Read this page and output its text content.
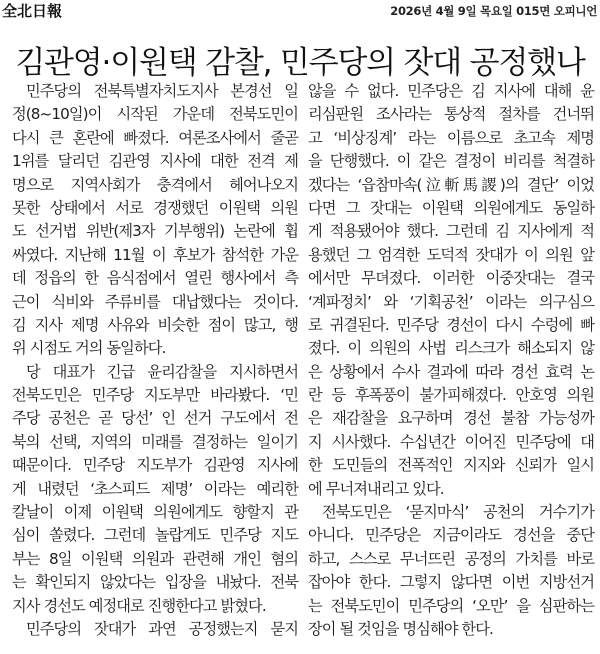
全北日報	2026년 4월 9일 목요일 015면 오피니언
김관영·이원택 감찰, 민주당의 잣대 공정했나
민주당의 전북특별자치도지사 본경선 일
정(8~10일)이 시작된 가운데 전북도민이
다시 큰 혼란에 빠졌다. 여론조사에서 줄곧
1위를 달리던 김관영 지사에 대한 전격 제
명으로 지역사회가 충격에서 헤어나오지
못한 상태에서 서로 경쟁했던 이원택 의원
도 선거법 위반(제3자 기부행위) 논란에 휩
싸였다. 지난해 11월 이 후보가 참석한 가운
데 정읍의 한 음식점에서 열린 행사에서 측
근이 식비와 주류비를 대납했다는 것이다.
김 지사 제명 사유와 비슷한 점이 많고, 행
위 시점도 거의 동일하다.
당 대표가 긴급 윤리감찰을 지시하면서
전북도민은 민주당 지도부만 바라봤다. ‘민
주당 공천은 곧 당선’ 인 선거 구도에서 전
북의 선택, 지역의 미래를 결정하는 일이기
때문이다. 민주당 지도부가 김관영 지사에
게 내렸던 ‘초스피드 제명’ 이라는 예리한
칼날이 이제 이원택 의원에게도 향할지 관
심이 쏠렸다. 그런데 놀랍게도 민주당 지도
부는 8일 이원택 의원과 관련해 개인 혐의
는 확인되지 않았다는 입장을 내놨다. 전북
지사 경선도 예정대로 진행한다고 밝혔다.
민주당의 잣대가 과연 공정했는지 묻지
않을 수 없다. 민주당은 김 지사에 대해 윤
리심판원 조사라는 통상적 절차를 건너뛰
고 ‘비상징계’ 라는 이름으로 초고속 제명
을 단행했다. 이 같은 결정이 비리를 척결하
겠다는 ‘읍참마속(泣斬馬謖)의 결단’ 이었
다면 그 잣대는 이원택 의원에게도 동일하
게 적용됐어야 했다. 그런데 김 지사에게 적
용했던 그 엄격한 도덕적 잣대가 이 의원 앞
에서만 무뎌졌다. 이러한 이중잣대는 결국
‘계파정치’ 와 ‘기획공천’ 이라는 의구심으
로 귀결된다. 민주당 경선이 다시 수렁에 빠
졌다. 이 의원의 사법 리스크가 해소되지 않
은 상황에서 수사 결과에 따라 경선 효력 논
란 등 후폭풍이 불가피해졌다. 안호영 의원
은 재감찰을 요구하며 경선 불참 가능성까
지 시사했다. 수십년간 이어진 민주당에 대
한 도민들의 전폭적인 지지와 신뢰가 일시
에 무너져내리고 있다.
전북도민은 ‘묻지마식’ 공천의 거수기가
아니다. 민주당은 지금이라도 경선을 중단
하고, 스스로 무너뜨린 공정의 가치를 바로
잡아야 한다. 그렇지 않다면 이번 지방선거
는 전북도민이 민주당의 ‘오만’ 을 심판하는
장이 될 것임을 명심해야 한다.
